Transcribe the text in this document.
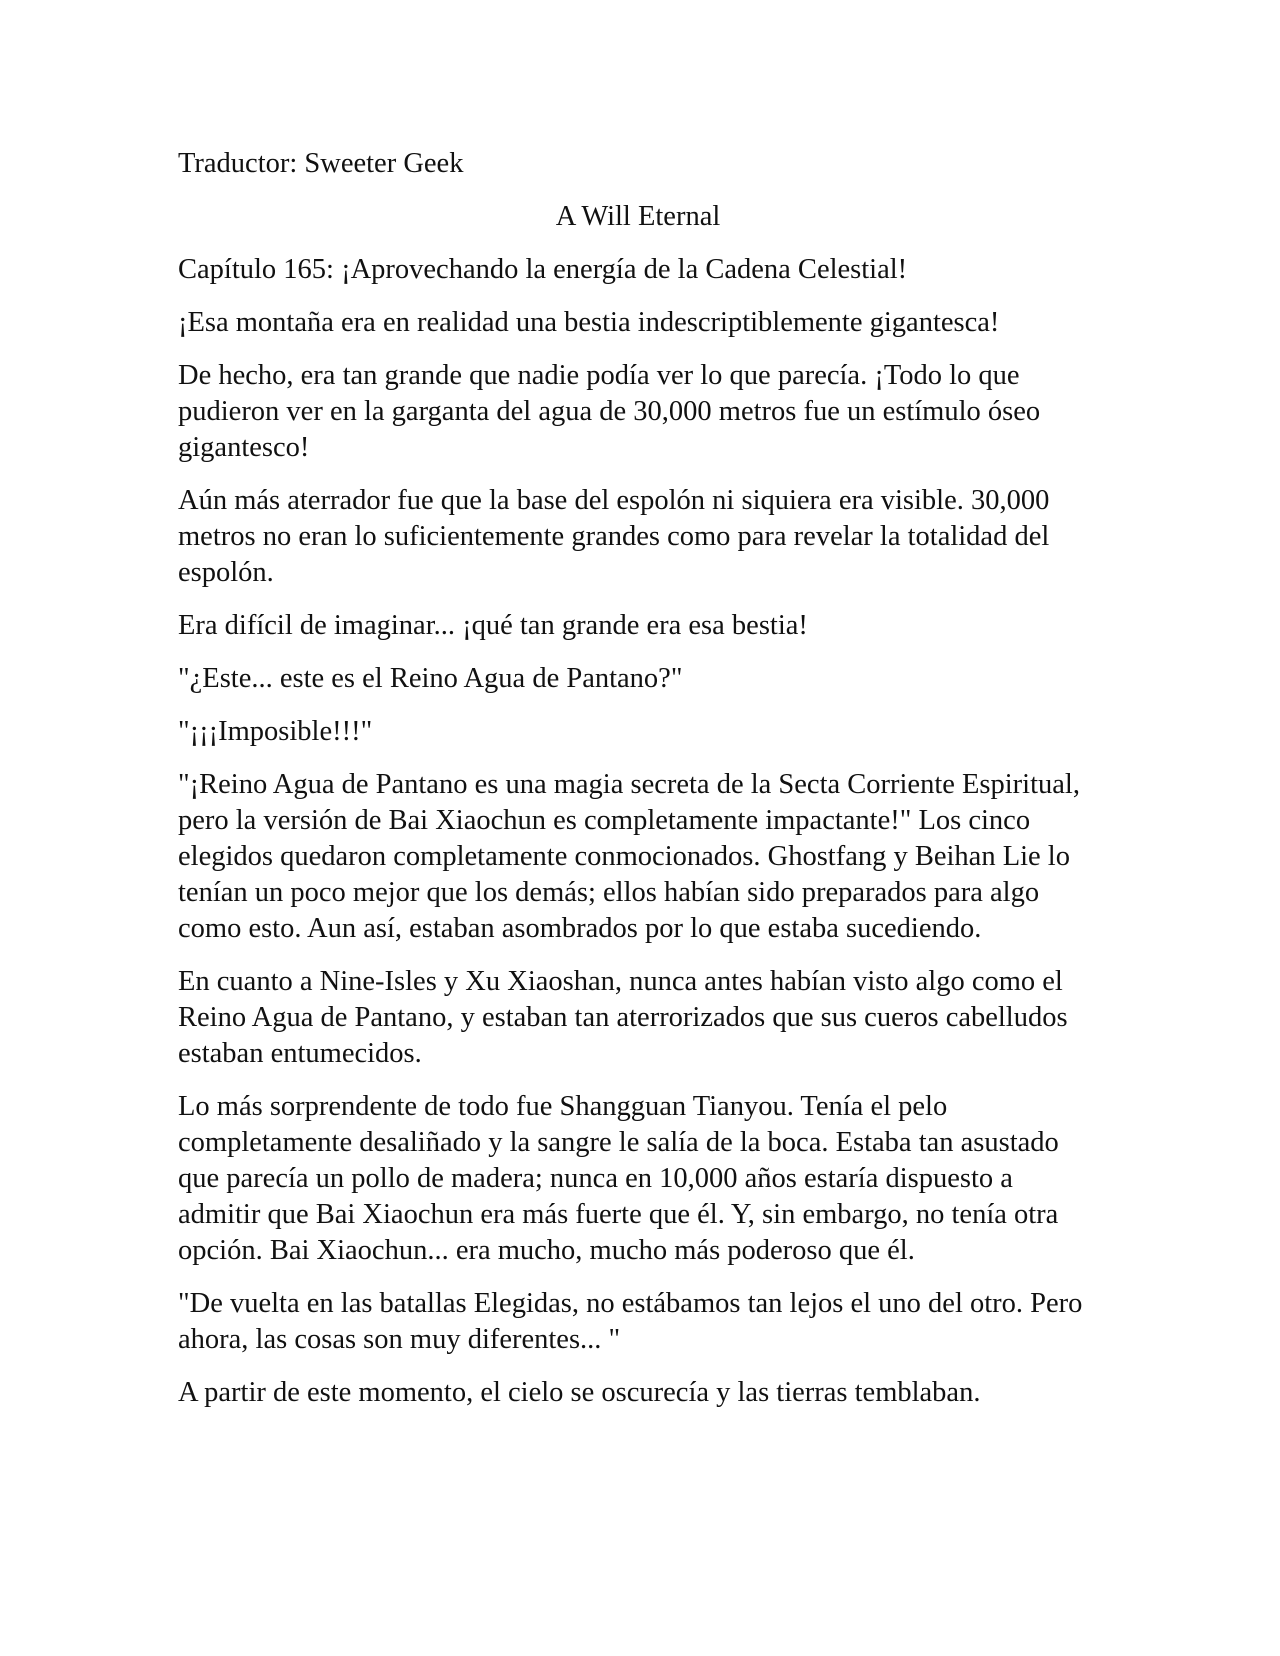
Traductor: Sweeter Geek

A Will Eternal

Capítulo 165: ¡Aprovechando la energía de la Cadena Celestial!

¡Esa montaña era en realidad una bestia indescriptiblemente gigantesca!

De hecho, era tan grande que nadie podía ver lo que parecía. ¡Todo lo que pudieron ver en la garganta del agua de 30,000 metros fue un estímulo óseo gigantesco!

Aún más aterrador fue que la base del espolón ni siquiera era visible. 30,000 metros no eran lo suficientemente grandes como para revelar la totalidad del espolón.

Era difícil de imaginar... ¡qué tan grande era esa bestia!

"¿Este... este es el Reino Agua de Pantano?"

"¡¡¡Imposible!!!"

"¡Reino Agua de Pantano es una magia secreta de la Secta Corriente Espiritual, pero la versión de Bai Xiaochun es completamente impactante!" Los cinco elegidos quedaron completamente conmocionados. Ghostfang y Beihan Lie lo tenían un poco mejor que los demás; ellos habían sido preparados para algo como esto. Aun así, estaban asombrados por lo que estaba sucediendo.

En cuanto a Nine-Isles y Xu Xiaoshan, nunca antes habían visto algo como el Reino Agua de Pantano, y estaban tan aterrorizados que sus cueros cabelludos estaban entumecidos.

Lo más sorprendente de todo fue Shangguan Tianyou. Tenía el pelo completamente desaliñado y la sangre le salía de la boca. Estaba tan asustado que parecía un pollo de madera; nunca en 10,000 años estaría dispuesto a admitir que Bai Xiaochun era más fuerte que él. Y, sin embargo, no tenía otra opción. Bai Xiaochun... era mucho, mucho más poderoso que él.

"De vuelta en las batallas Elegidas, no estábamos tan lejos el uno del otro. Pero ahora, las cosas son muy diferentes... "

A partir de este momento, el cielo se oscurecía y las tierras temblaban.
